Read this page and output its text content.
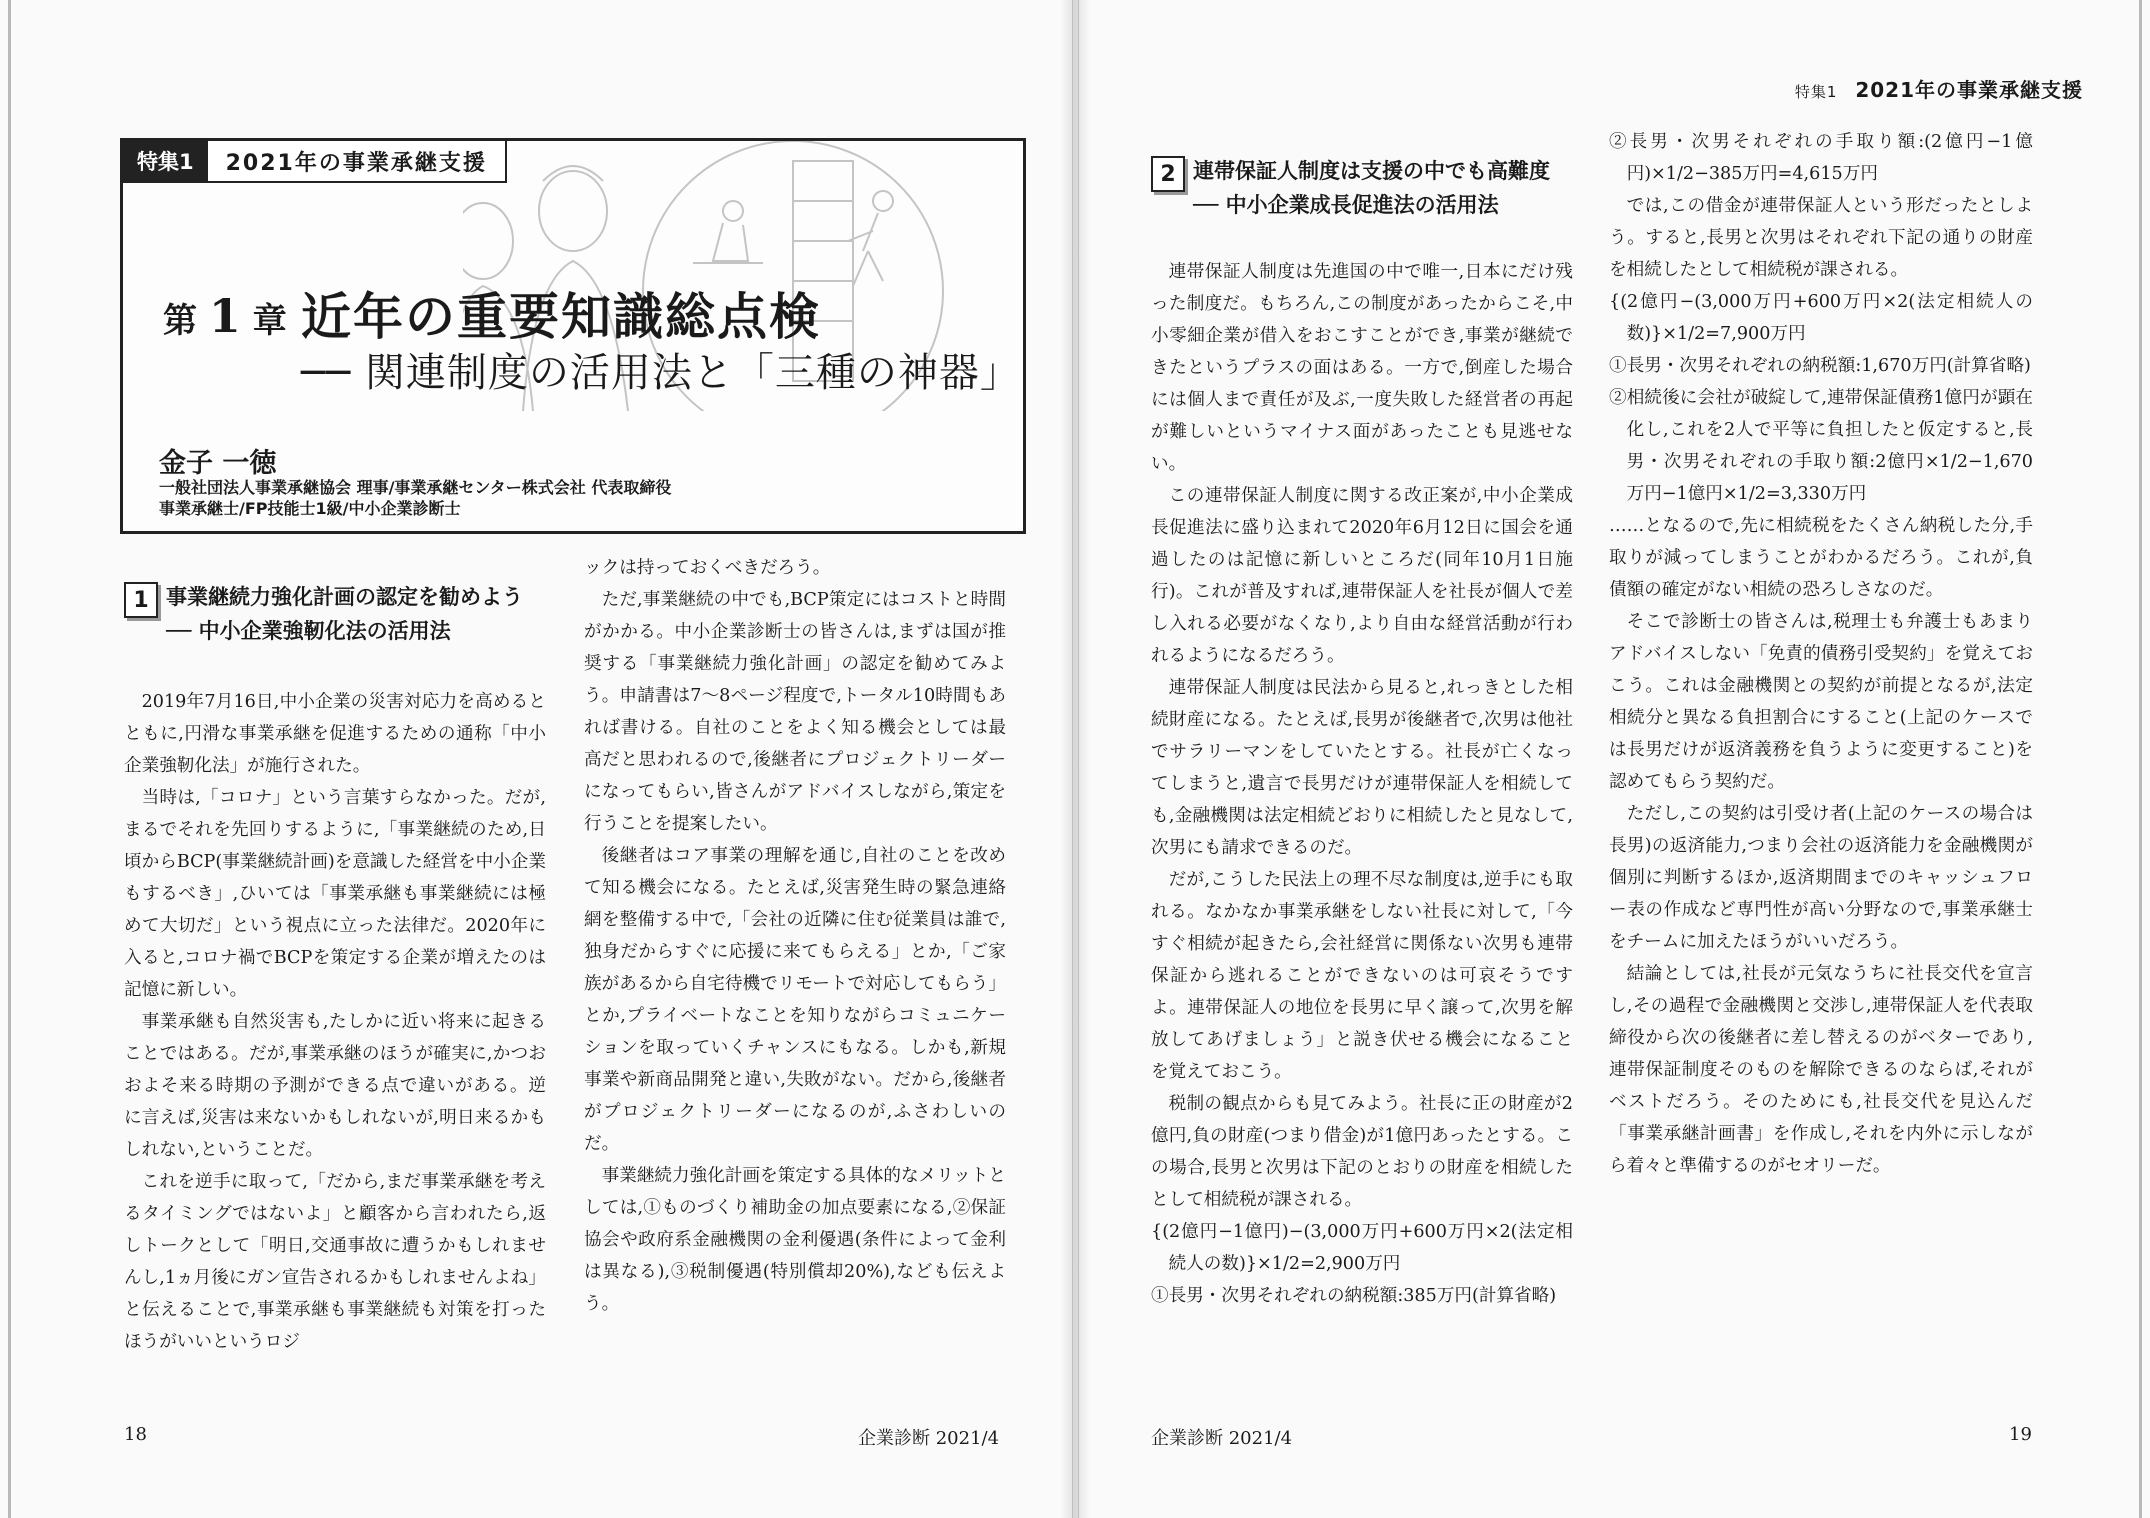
特集1	2021年の事業承継支援
第 1 章 近年の重要知識総点検
── 関連制度の活用法と「三種の神器」
金子 一徳
一般社団法人事業承継協会 理事/事業承継センター株式会社 代表取締役
事業承継士/FP技能士1級/中小企業診断士
1 事業継続力強化計画の認定を勧めよう
── 中小企業強靭化法の活用法

2019年7月16日,中小企業の災害対応力を高めるとともに,円滑な事業承継を促進するための通称「中小企業強靭化法」が施行された。

当時は,「コロナ」という言葉すらなかった。だが,まるでそれを先回りするように,「事業継続のため,日頃からBCP(事業継続計画)を意識した経営を中小企業もするべき」,ひいては「事業承継も事業継続には極めて大切だ」という視点に立った法律だ。2020年に入ると,コロナ禍でBCPを策定する企業が増えたのは記憶に新しい。

事業承継も自然災害も,たしかに近い将来に起きることではある。だが,事業承継のほうが確実に,かつおおよそ来る時期の予測ができる点で違いがある。逆に言えば,災害は来ないかもしれないが,明日来るかもしれない,ということだ。

これを逆手に取って,「だから,まだ事業承継を考えるタイミングではないよ」と顧客から言われたら,返しトークとして「明日,交通事故に遭うかもしれませんし,1ヵ月後にガン宣告されるかもしれませんよね」と伝えることで,事業承継も事業継続も対策を打ったほうがいいというロジ

ックは持っておくべきだろう。

ただ,事業継続の中でも,BCP策定にはコストと時間がかかる。中小企業診断士の皆さんは,まずは国が推奨する「事業継続力強化計画」の認定を勧めてみよう。申請書は7〜8ページ程度で,トータル10時間もあれば書ける。自社のことをよく知る機会としては最高だと思われるので,後継者にプロジェクトリーダーになってもらい,皆さんがアドバイスしながら,策定を行うことを提案したい。

後継者はコア事業の理解を通じ,自社のことを改めて知る機会になる。たとえば,災害発生時の緊急連絡網を整備する中で,「会社の近隣に住む従業員は誰で,独身だからすぐに応援に来てもらえる」とか,「ご家族があるから自宅待機でリモートで対応してもらう」とか,プライベートなことを知りながらコミュニケーションを取っていくチャンスにもなる。しかも,新規事業や新商品開発と違い,失敗がない。だから,後継者がプロジェクトリーダーになるのが,ふさわしいのだ。

事業継続力強化計画を策定する具体的なメリットとしては,①ものづくり補助金の加点要素になる,②保証協会や政府系金融機関の金利優遇(条件によって金利は異なる),③税制優遇(特別償却20%),なども伝えよう。

18	企業診断 2021/4
特集1 2021年の事業承継支援
2 連帯保証人制度は支援の中でも高難度
── 中小企業成長促進法の活用法

連帯保証人制度は先進国の中で唯一,日本にだけ残った制度だ。もちろん,この制度があったからこそ,中小零細企業が借入をおこすことができ,事業が継続できたというプラスの面はある。一方で,倒産した場合には個人まで責任が及ぶ,一度失敗した経営者の再起が難しいというマイナス面があったことも見逃せない。

この連帯保証人制度に関する改正案が,中小企業成長促進法に盛り込まれて2020年6月12日に国会を通過したのは記憶に新しいところだ(同年10月1日施行)。これが普及すれば,連帯保証人を社長が個人で差し入れる必要がなくなり,より自由な経営活動が行われるようになるだろう。

連帯保証人制度は民法から見ると,れっきとした相続財産になる。たとえば,長男が後継者で,次男は他社でサラリーマンをしていたとする。社長が亡くなってしまうと,遺言で長男だけが連帯保証人を相続しても,金融機関は法定相続どおりに相続したと見なして,次男にも請求できるのだ。

だが,こうした民法上の理不尽な制度は,逆手にも取れる。なかなか事業承継をしない社長に対して,「今すぐ相続が起きたら,会社経営に関係ない次男も連帯保証から逃れることができないのは可哀そうですよ。連帯保証人の地位を長男に早く譲って,次男を解放してあげましょう」と説き伏せる機会になることを覚えておこう。

税制の観点からも見てみよう。社長に正の財産が2億円,負の財産(つまり借金)が1億円あったとする。この場合,長男と次男は下記のとおりの財産を相続したとして相続税が課される。

{(2億円−1億円)−(3,000万円+600万円×2(法定相続人の数)}×1/2=2,900万円

①長男・次男それぞれの納税額:385万円(計算省略)

②長男・次男それぞれの手取り額:(2億円−1億円)×1/2−385万円=4,615万円

では,この借金が連帯保証人という形だったとしよう。すると,長男と次男はそれぞれ下記の通りの財産を相続したとして相続税が課される。

{(2億円−(3,000万円+600万円×2(法定相続人の数)}×1/2=7,900万円

①長男・次男それぞれの納税額:1,670万円(計算省略)

②相続後に会社が破綻して,連帯保証債務1億円が顕在化し,これを2人で平等に負担したと仮定すると,長男・次男それぞれの手取り額:2億円×1/2−1,670万円−1億円×1/2=3,330万円

……となるので,先に相続税をたくさん納税した分,手取りが減ってしまうことがわかるだろう。これが,負債額の確定がない相続の恐ろしさなのだ。

そこで診断士の皆さんは,税理士も弁護士もあまりアドバイスしない「免責的債務引受契約」を覚えておこう。これは金融機関との契約が前提となるが,法定相続分と異なる負担割合にすること(上記のケースでは長男だけが返済義務を負うように変更すること)を認めてもらう契約だ。

ただし,この契約は引受け者(上記のケースの場合は長男)の返済能力,つまり会社の返済能力を金融機関が個別に判断するほか,返済期間までのキャッシュフロー表の作成など専門性が高い分野なので,事業承継士をチームに加えたほうがいいだろう。

結論としては,社長が元気なうちに社長交代を宣言し,その過程で金融機関と交渉し,連帯保証人を代表取締役から次の後継者に差し替えるのがベターであり,連帯保証制度そのものを解除できるのならば,それがベストだろう。そのためにも,社長交代を見込んだ「事業承継計画書」を作成し,それを内外に示しながら着々と準備するのがセオリーだ。

企業診断 2021/4	19
